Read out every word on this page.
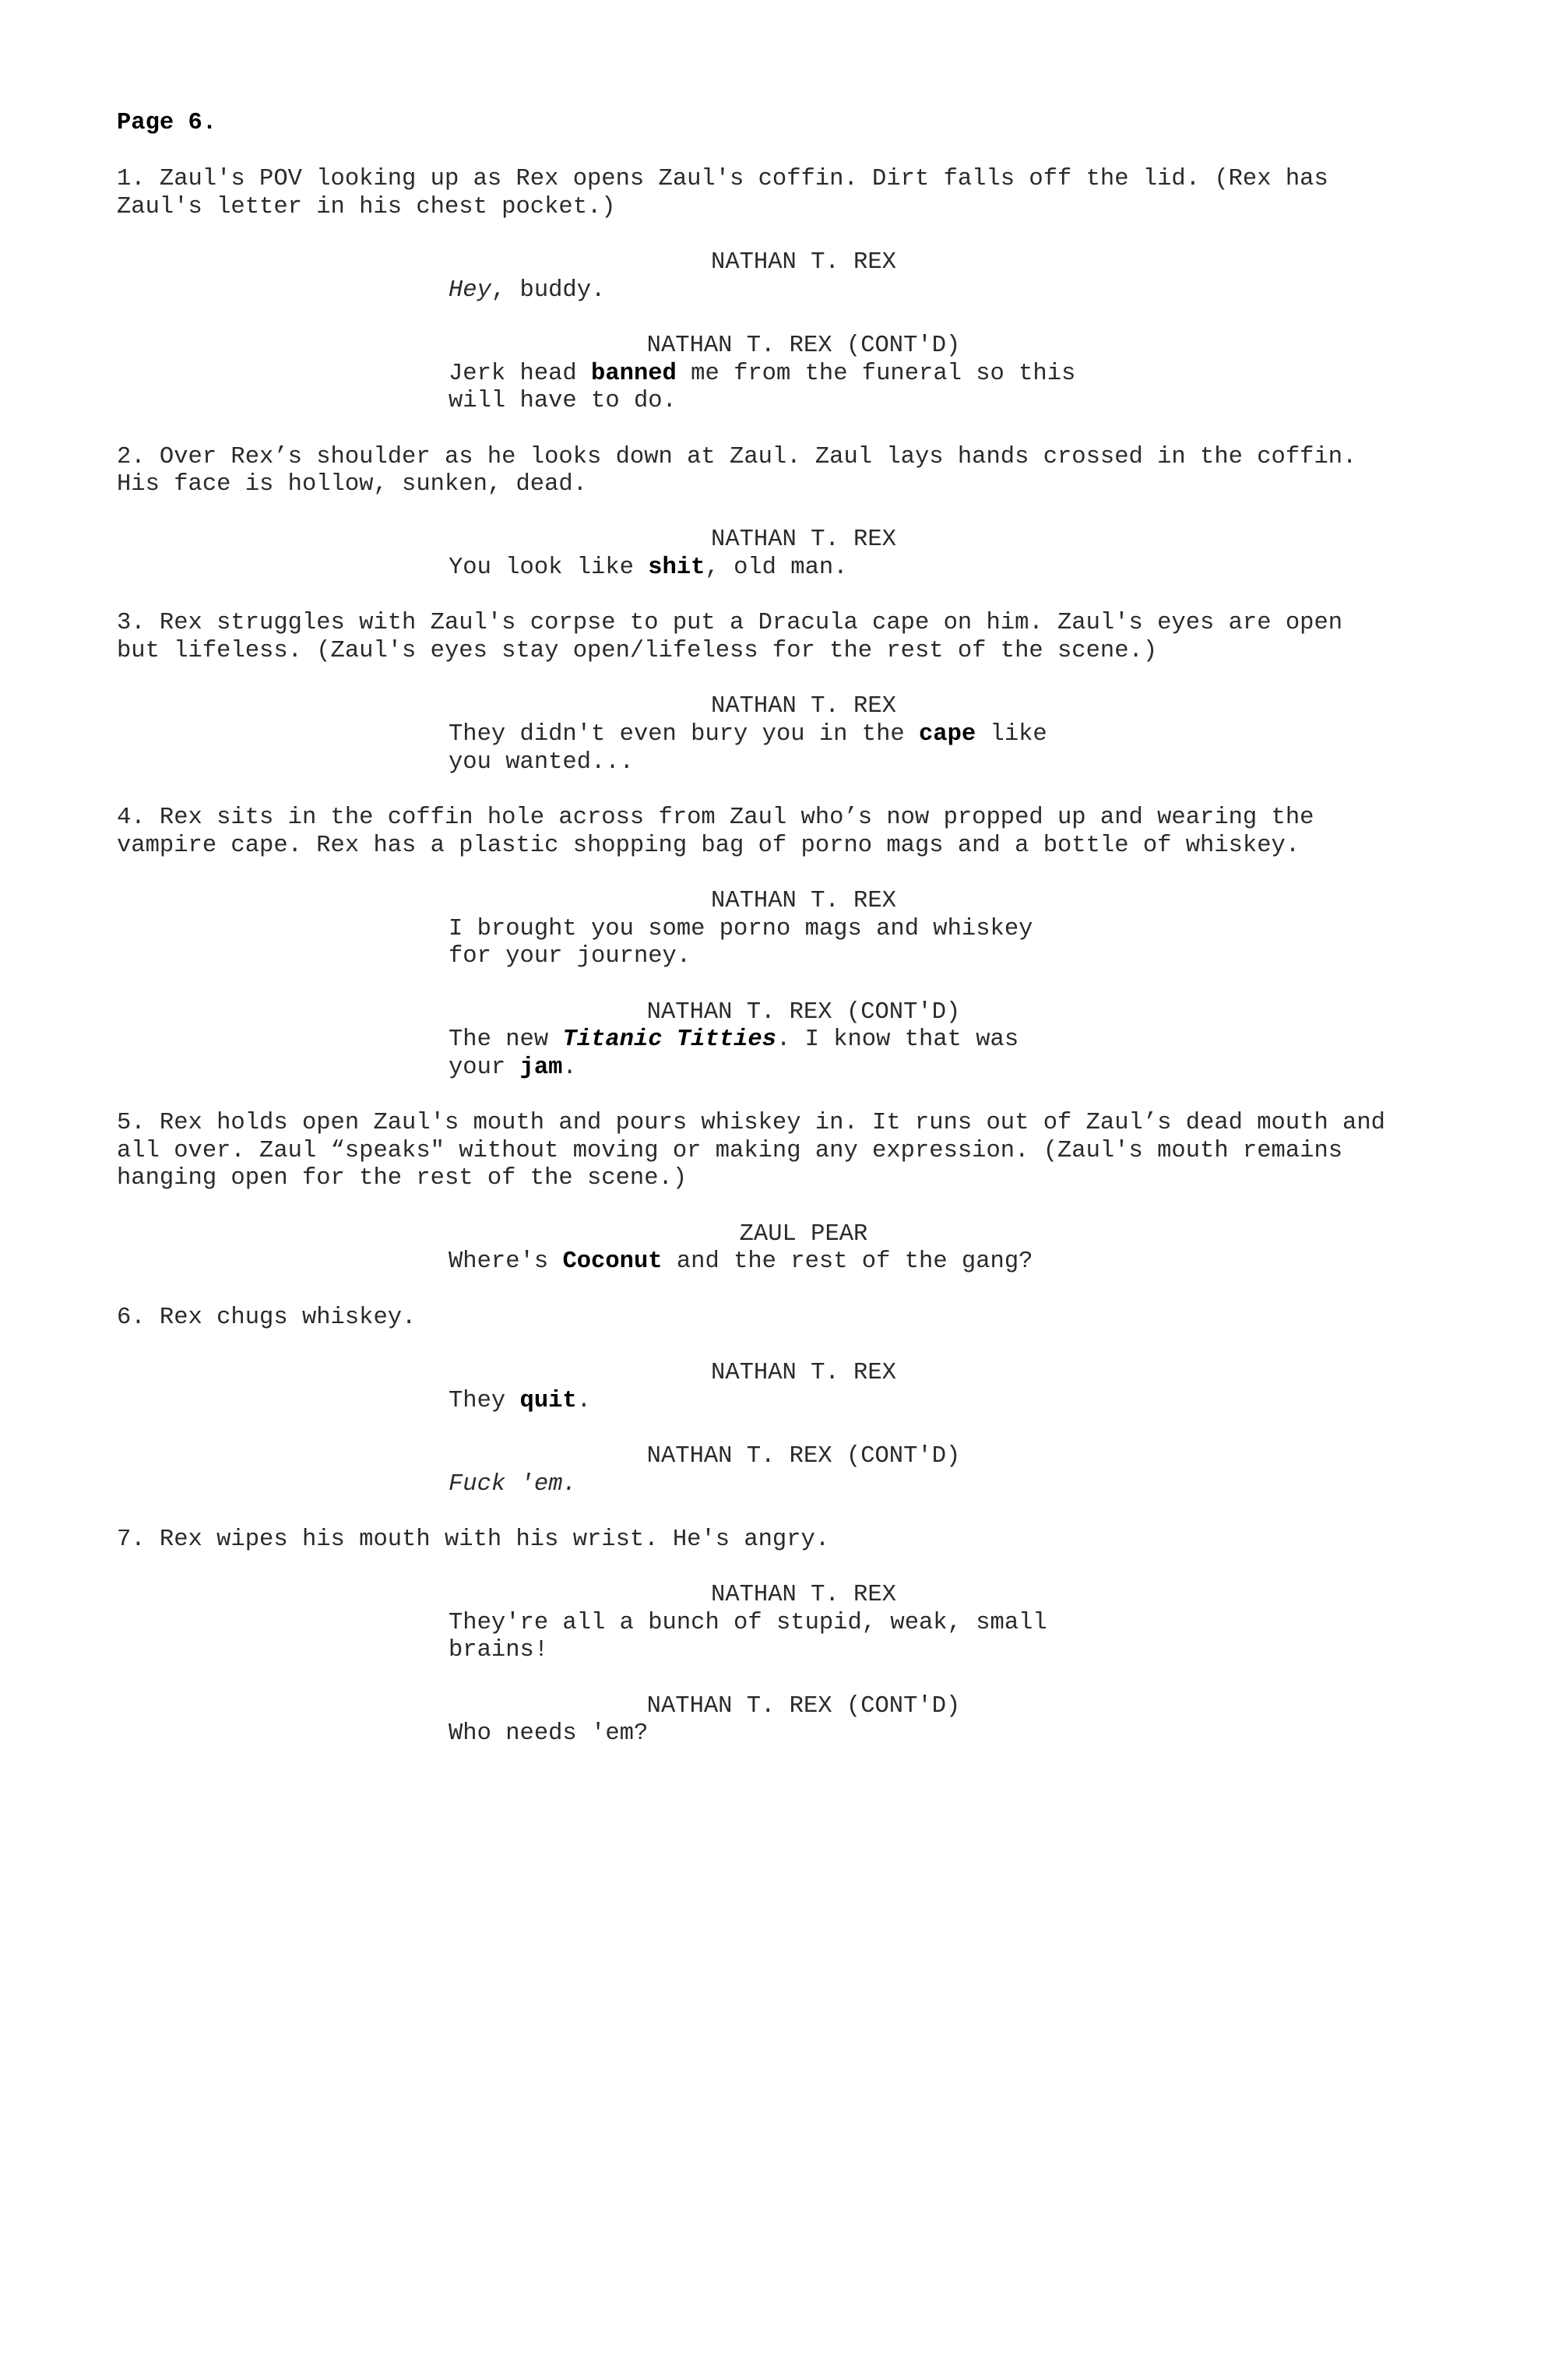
Page 6.
1. Zaul's POV looking up as Rex opens Zaul's coffin. Dirt falls off the lid. (Rex has
Zaul's letter in his chest pocket.)
NATHAN T. REX
Hey, buddy.
NATHAN T. REX (CONT'D)
Jerk head banned me from the funeral so this
will have to do.
2. Over Rex’s shoulder as he looks down at Zaul. Zaul lays hands crossed in the coffin.
His face is hollow, sunken, dead.
NATHAN T. REX
You look like shit, old man.
3. Rex struggles with Zaul's corpse to put a Dracula cape on him. Zaul's eyes are open
but lifeless. (Zaul's eyes stay open/lifeless for the rest of the scene.)
NATHAN T. REX
They didn't even bury you in the cape like
you wanted...
4. Rex sits in the coffin hole across from Zaul who’s now propped up and wearing the
vampire cape. Rex has a plastic shopping bag of porno mags and a bottle of whiskey.
NATHAN T. REX
I brought you some porno mags and whiskey
for your journey.
NATHAN T. REX (CONT'D)
The new Titanic Titties. I know that was
your jam.
5. Rex holds open Zaul's mouth and pours whiskey in. It runs out of Zaul’s dead mouth and
all over. Zaul “speaks" without moving or making any expression. (Zaul's mouth remains
hanging open for the rest of the scene.)
ZAUL PEAR
Where's Coconut and the rest of the gang?
6. Rex chugs whiskey.
NATHAN T. REX
They quit.
NATHAN T. REX (CONT'D)
Fuck 'em.
7. Rex wipes his mouth with his wrist. He's angry.
NATHAN T. REX
They're all a bunch of stupid, weak, small
brains!
NATHAN T. REX (CONT'D)
Who needs 'em?
